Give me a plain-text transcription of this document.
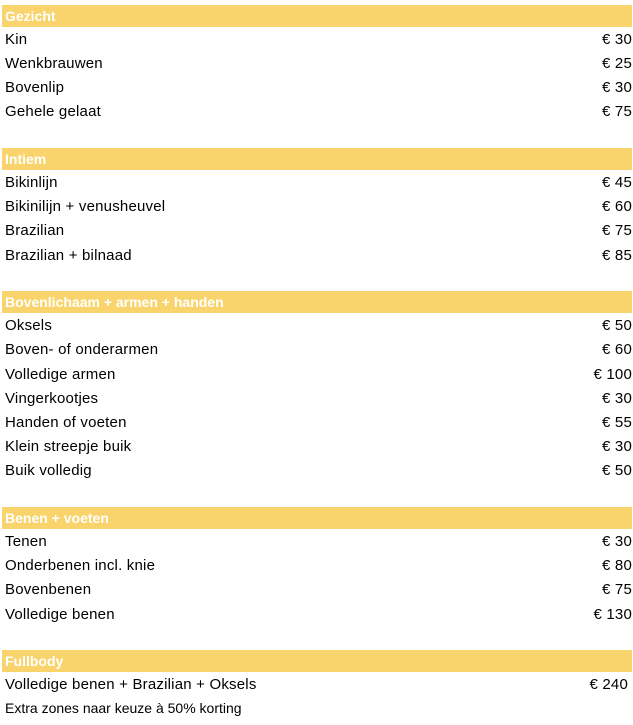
Gezicht
Kin	€ 30
Wenkbrauwen	€ 25
Bovenlip	€ 30
Gehele gelaat	€ 75
Intiem
Bikinlijn	€ 45
Bikinilijn + venusheuvel	€ 60
Brazilian	€ 75
Brazilian + bilnaad	€ 85
Bovenlichaam + armen + handen
Oksels	€ 50
Boven- of onderarmen	€ 60
Volledige armen	€ 100
Vingerkootjes	€ 30
Handen of voeten	€ 55
Klein streepje buik	€ 30
Buik volledig	€ 50
Benen + voeten
Tenen	€ 30
Onderbenen incl. knie	€ 80
Bovenbenen	€ 75
Volledige benen	€ 130
Fullbody
Volledige benen + Brazilian + Oksels	€ 240
Extra zones naar keuze à 50% korting
